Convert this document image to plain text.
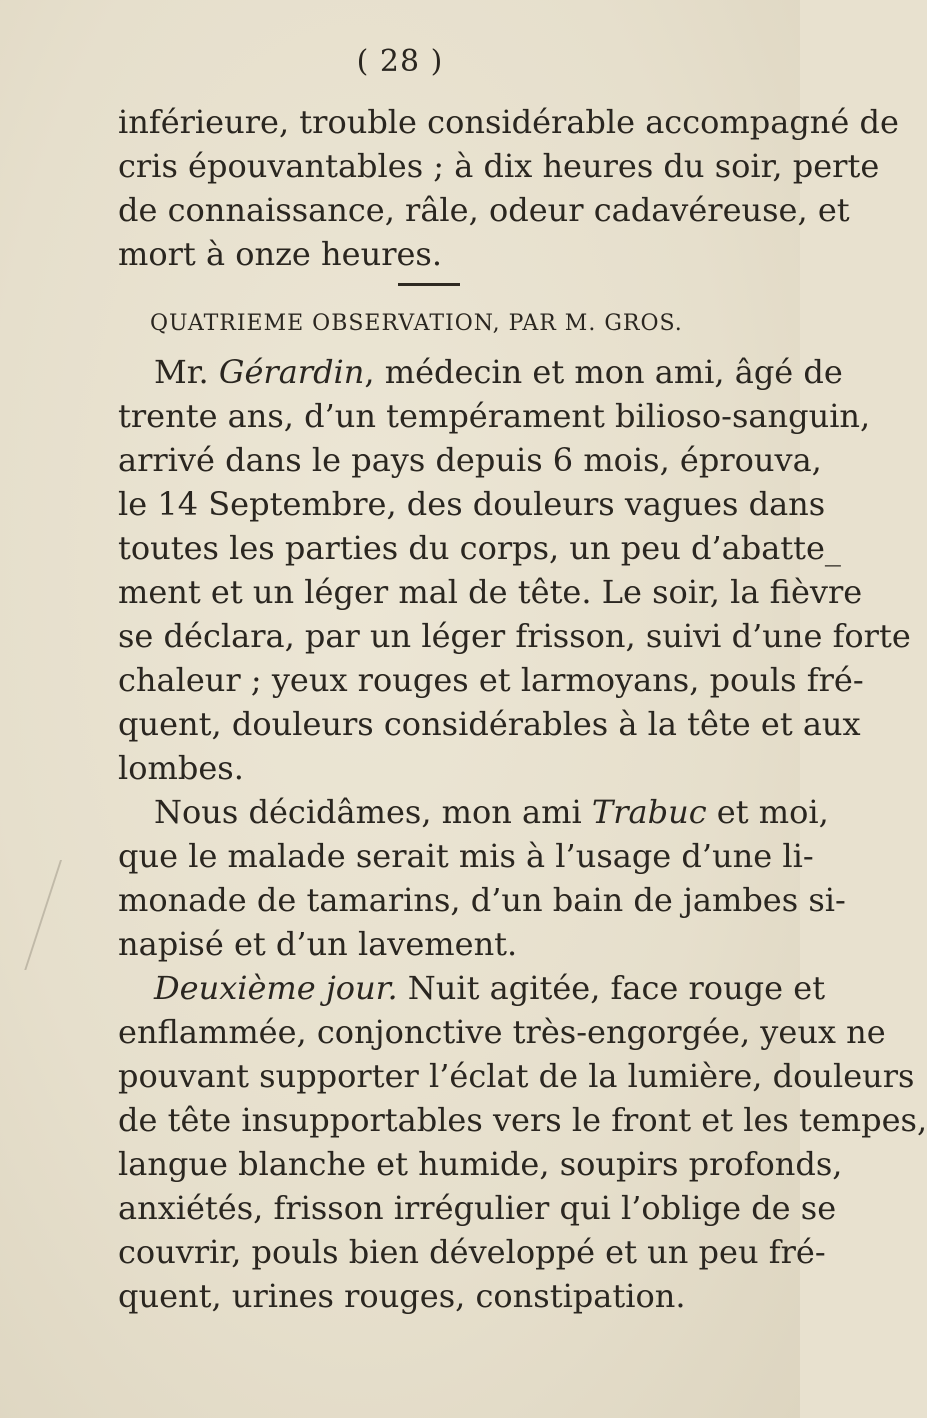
( 28 )
inférieure, trouble considérable accompagné de
cris épouvantables ; à dix heures du soir, perte
de connaissance, râle, odeur cadavéreuse, et
mort à onze heures.
QUATRIEME OBSERVATION, PAR M. GROS.
Mr. Gérardin, médecin et mon ami, âgé de
trente ans, d’un tempérament bilioso-sanguin,
arrivé dans le pays depuis 6 mois, éprouva,
le 14 Septembre, des douleurs vagues dans
toutes les parties du corps, un peu d’abatte_
ment et un léger mal de tête. Le soir, la fièvre
se déclara, par un léger frisson, suivi d’une forte
chaleur ; yeux rouges et larmoyans, pouls fré-
quent, douleurs considérables à la tête et aux
lombes.
Nous décidâmes, mon ami Trabuc et moi,
que le malade serait mis à l’usage d’une li-
monade de tamarins, d’un bain de jambes si-
napisé et d’un lavement.
Deuxième jour. Nuit agitée, face rouge et
enflammée, conjonctive très-engorgée, yeux ne
pouvant supporter l’éclat de la lumière, douleurs
de tête insupportables vers le front et les tempes,
langue blanche et humide, soupirs profonds,
anxiétés, frisson irrégulier qui l’oblige de se
couvrir, pouls bien développé et un peu fré-
quent, urines rouges, constipation.
